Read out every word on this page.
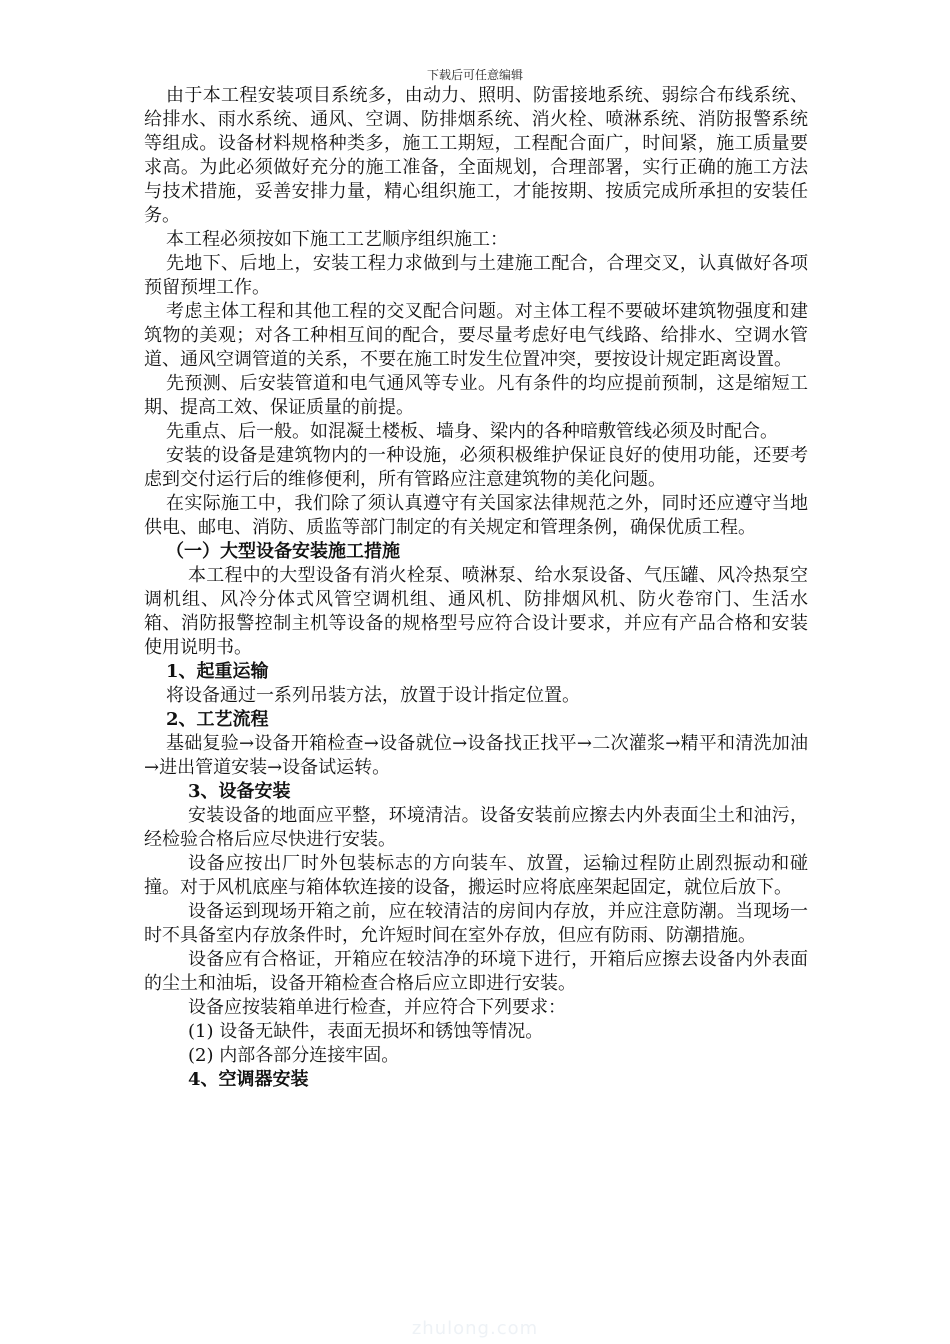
下载后可任意编辑

由于本工程安装项目系统多，由动力、照明、防雷接地系统、弱综合布线系统、给排水、雨水系统、通风、空调、防排烟系统、消火栓、喷淋系统、消防报警系统等组成。设备材料规格种类多，施工工期短，工程配合面广，时间紧，施工质量要求高。为此必须做好充分的施工准备，全面规划，合理部署，实行正确的施工方法与技术措施，妥善安排力量，精心组织施工，才能按期、按质完成所承担的安装任务。

本工程必须按如下施工工艺顺序组织施工：

先地下、后地上，安装工程力求做到与土建施工配合，合理交叉，认真做好各项预留预埋工作。

考虑主体工程和其他工程的交叉配合问题。对主体工程不要破坏建筑物强度和建筑物的美观；对各工种相互间的配合，要尽量考虑好电气线路、给排水、空调水管道、通风空调管道的关系，不要在施工时发生位置冲突，要按设计规定距离设置。

先预测、后安装管道和电气通风等专业。凡有条件的均应提前预制，这是缩短工期、提高工效、保证质量的前提。

先重点、后一般。如混凝土楼板、墙身、梁内的各种暗敷管线必须及时配合。

安装的设备是建筑物内的一种设施，必须积极维护保证良好的使用功能，还要考虑到交付运行后的维修便利，所有管路应注意建筑物的美化问题。

在实际施工中，我们除了须认真遵守有关国家法律规范之外，同时还应遵守当地供电、邮电、消防、质监等部门制定的有关规定和管理条例，确保优质工程。

（一）大型设备安装施工措施

本工程中的大型设备有消火栓泵、喷淋泵、给水泵设备、气压罐、风冷热泵空调机组、风冷分体式风管空调机组、通风机、防排烟风机、防火卷帘门、生活水箱、消防报警控制主机等设备的规格型号应符合设计要求，并应有产品合格和安装使用说明书。

1、起重运输

将设备通过一系列吊装方法，放置于设计指定位置。

2、工艺流程

基础复验→设备开箱检查→设备就位→设备找正找平→二次灌浆→精平和清洗加油→进出管道安装→设备试运转。

3、设备安装

安装设备的地面应平整，环境清洁。设备安装前应擦去内外表面尘土和油污，经检验合格后应尽快进行安装。

设备应按出厂时外包装标志的方向装车、放置，运输过程防止剧烈振动和碰撞。对于风机底座与箱体软连接的设备，搬运时应将底座架起固定，就位后放下。

设备运到现场开箱之前，应在较清洁的房间内存放，并应注意防潮。当现场一时不具备室内存放条件时，允许短时间在室外存放，但应有防雨、防潮措施。

设备应有合格证，开箱应在较洁净的环境下进行，开箱后应擦去设备内外表面的尘土和油垢，设备开箱检查合格后应立即进行安装。

设备应按装箱单进行检查，并应符合下列要求：

(1) 设备无缺件，表面无损坏和锈蚀等情况。

(2) 内部各部分连接牢固。

4、空调器安装

zhulong.com
